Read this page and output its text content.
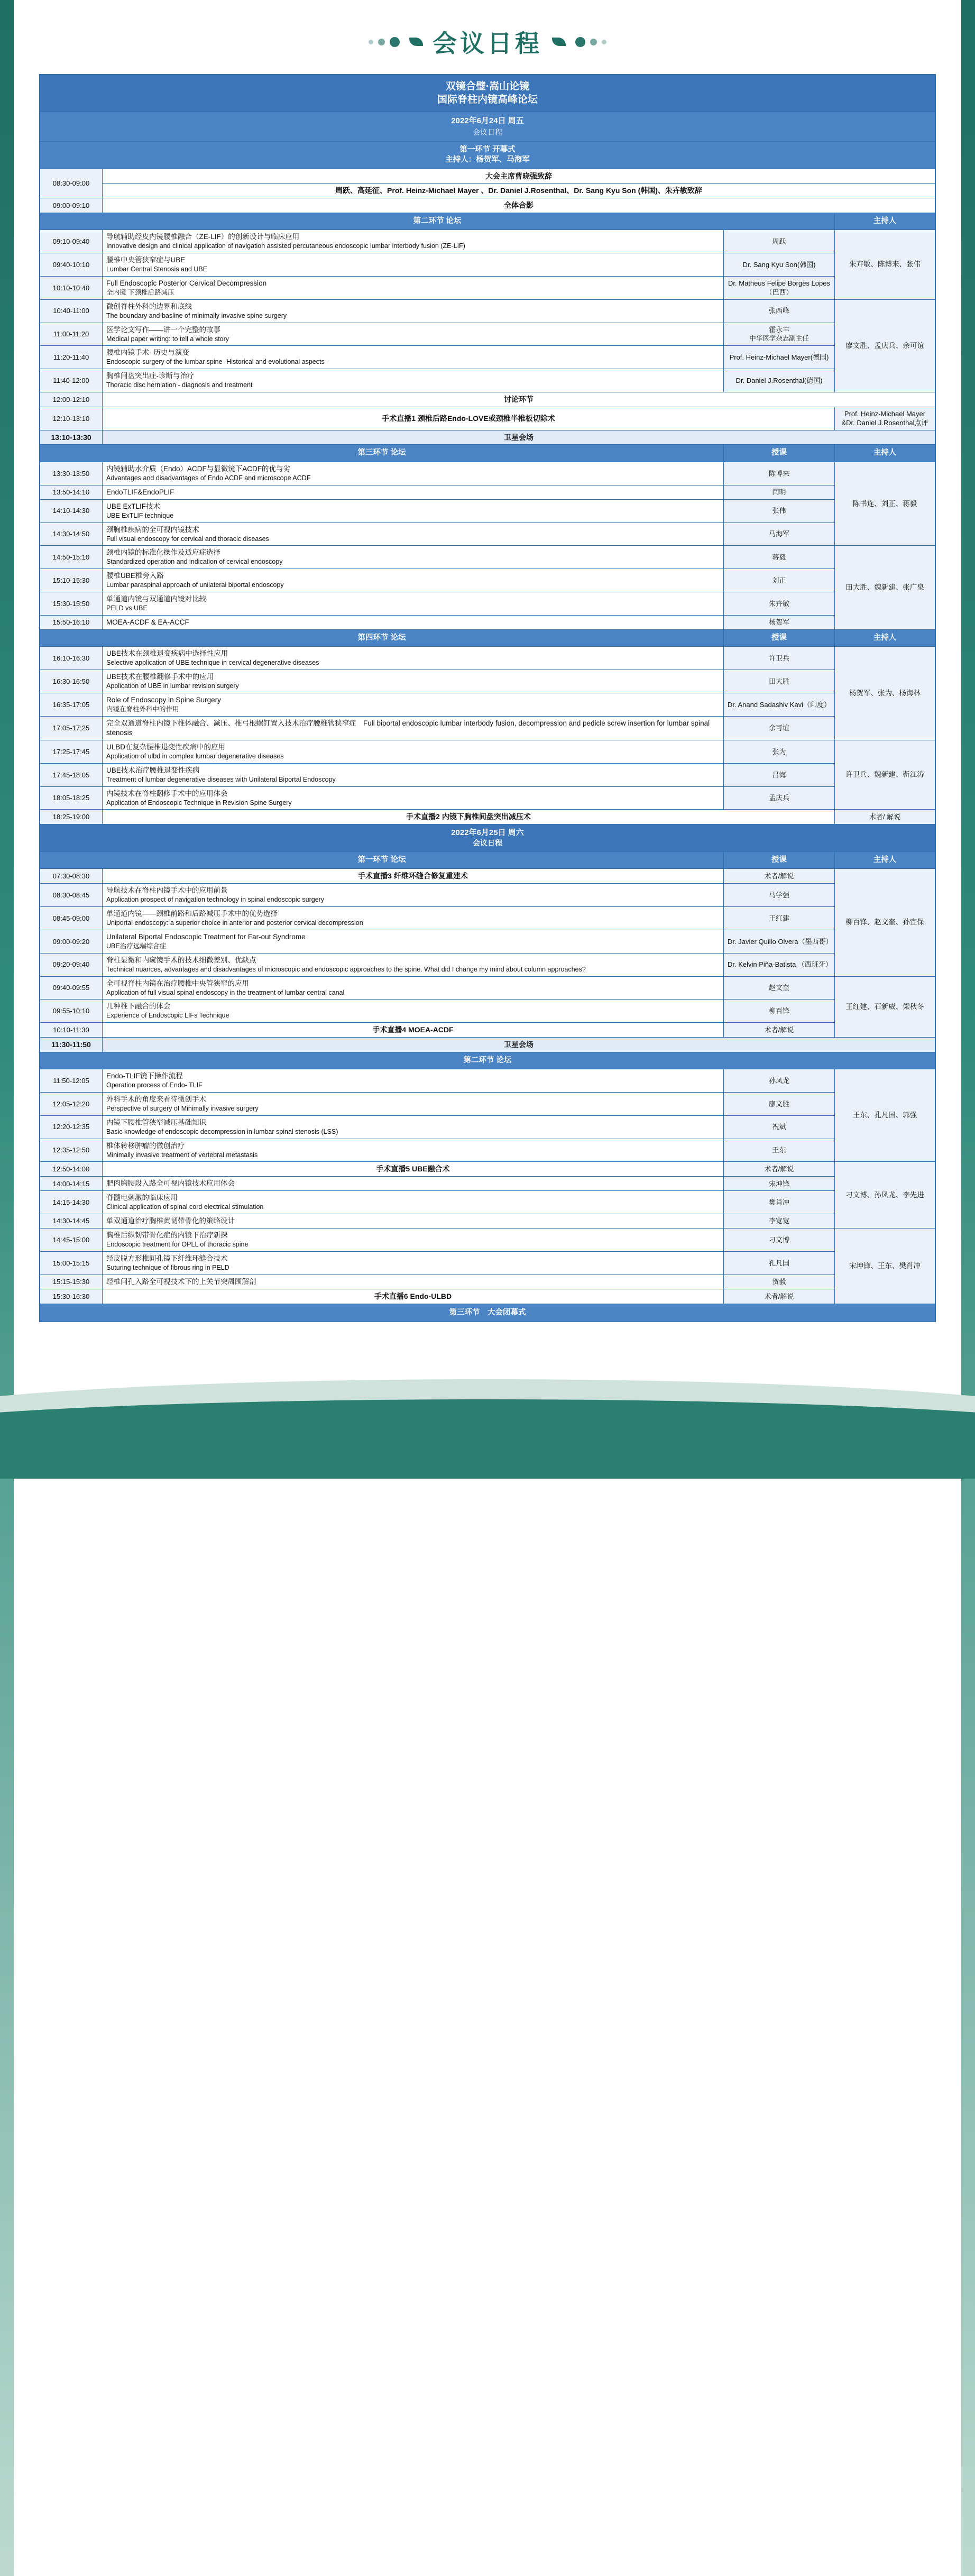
会议日程
双镜合璧·嵩山论镜
国际脊柱内镜高峰论坛			
2022年6月24日 周五
会议日程			

第一环节 开幕式
主持人：杨贺军、马海军			
08:30-09:00	大会主席曹晓强致辞		
	周跃、高延征、Prof. Heinz-Michael Mayer 、Dr. Daniel J.Rosenthal、Dr. Sang Kyu Son (韩国)、朱卉敏致辞		
09:00-09:10	全体合影		
第二环节 论坛			主持人
09:10-09:40	导航辅助经皮内镜腰椎融合（ZE-LIF）的创新设计与临床应用
Innovative design and clinical application of navigation assisted percutaneous endoscopic lumbar interbody fusion (ZE-LIF)	周跃	朱卉敏、陈博来、张伟
09:40-10:10	腰椎中央管狭窄症与UBE
Lumbar Central Stenosis and UBE	Dr. Sang Kyu Son(韩国)	
10:10-10:40	Full Endoscopic Posterior Cervical Decompression
全内镜 下颈椎后路减压	Dr. Matheus Felipe Borges Lopes（巴西）	
10:40-11:00	微创脊柱外科的边界和底线
The boundary and basline of minimally invasive spine surgery	张西峰	廖文胜、孟庆兵、余可谊
11:00-11:20	医学论文写作——讲一个完整的故事
Medical paper writing: to tell a whole story	霍永丰
中华医学杂志副主任	

11:20-11:40	腰椎内镜手术- 历史与演变
Endoscopic surgery of the lumbar spine- Historical and evolutional aspects -	Prof. Heinz-Michael Mayer(德国)	
11:40-12:00	胸椎间盘突出症-诊断与治疗
Thoracic disc herniation - diagnosis and treatment	Dr. Daniel J.Rosenthal(德国)	
12:00-12:10	讨论环节		
12:10-13:10	手术直播1 颈椎后路Endo-LOVE或颈椎半椎板切除术		Prof. Heinz-Michael Mayer &Dr. Daniel J.Rosenthal点评
13:10-13:30	卫星会场		
第三环节 论坛		授课	主持人
13:30-13:50	内镜辅助水介质（Endo）ACDF与显微镜下ACDF的优与劣
Advantages and disadvantages of Endo ACDF and microscope ACDF	陈博来	陈书连、刘正、蒋毅
13:50-14:10	EndoTLIF&EndoPLIF	闫明	
14:10-14:30	UBE ExTLIF技术
UBE ExTLIF technique	张伟	
14:30-14:50	颈胸椎疾病的全可视内镜技术
Full visual endoscopy for cervical and thoracic diseases	马海军	
14:50-15:10	颈椎内镜的标准化操作及适应症选择
Standardized operation and indication of cervical endoscopy	蒋毅	田大胜、魏新建、张广泉
15:10-15:30	腰椎UBE椎旁入路
Lumbar paraspinal approach of unilateral biportal endoscopy	刘正	
15:30-15:50	单通道内镜与双通道内镜对比较
PELD vs UBE	朱卉敏	
15:50-16:10	MOEA-ACDF & EA-ACCF	杨贺军	
第四环节 论坛		授课	主持人
16:10-16:30	UBE技术在颈椎退变疾病中选择性应用
Selective application of UBE technique in cervical degenerative diseases	许卫兵	杨贺军、张为、杨海林
16:30-16:50	UBE技术在腰椎翻修手术中的应用
Application of UBE in lumbar revision surgery	田大胜	
16:35-17:05	Role of Endoscopy in Spine Surgery
内镜在脊柱外科中的作用	Dr. Anand Sadashiv Kavi（印度）	
17:05-17:25	完全双通道脊柱内镜下椎体融合、减压、椎弓根螺钉置入技术治疗腰椎管狭窄症　Full biportal endoscopic lumbar interbody fusion, decompression and pedicle screw insertion for lumbar spinal stenosis	余可谊	
17:25-17:45	ULBD在复杂腰椎退变性疾病中的应用
Application of ulbd in complex lumbar degenerative diseases	张为	许卫兵、魏新建、靳江涛
17:45-18:05	UBE技术治疗腰椎退变性疾病
Treatment of lumbar degenerative diseases with Unilateral Biportal Endoscopy	吕海	
18:05-18:25	内镜技术在脊柱翻修手术中的应用体会
Application of Endoscopic Technique in Revision Spine Surgery	孟庆兵	
18:25-19:00	手术直播2 内镜下胸椎间盘突出减压术		术者/ 解说
2022年6月25日 周六
会议日程			

第一环节 论坛		授课	主持人
07:30-08:30	手术直播3 纤维环缝合修复重建术	术者/解说	柳百锋、赵文奎、孙宜保
08:30-08:45	导航技术在脊柱内镜手术中的应用前景
Application prospect of navigation technology in spinal endoscopic surgery	马学强	
08:45-09:00	单通道内镜——颈椎前路和后路减压手术中的优势选择
Uniportal endoscopy: a superior choice in anterior and posterior cervical decompression	王红建	
09:00-09:20	Unilateral Biportal Endoscopic Treatment for Far-out Syndrome
UBE治疗远端综合症	Dr. Javier Quillo Olvera（墨西哥）	
09:20-09:40	脊柱显微和内窥镜手术的技术细微差别、优缺点
Technical nuances, advantages and disadvantages of microscopic and endoscopic approaches to the spine. What did I change my mind about column approaches?	Dr. Kelvin Piña-Batista （西班牙）	
09:40-09:55	全可视脊柱内镜在治疗腰椎中央管狭窄的应用
Application of full visual spinal endoscopy in the treatment of lumbar central canal	赵文奎	王红建、石新威、梁秋冬
09:55-10:10	几种椎下融合的体会
Experience of Endoscopic LIFs Technique	柳百锋	
10:10-11:30	手术直播4 MOEA-ACDF	术者/解说	
11:30-11:50	卫星会场		
第二环节 论坛			
11:50-12:05	Endo-TLIF镜下操作流程
Operation process of Endo- TLIF	孙凤龙	王东、孔凡国、郭强
12:05-12:20	外科手术的角度来看待微创手术
Perspective of surgery of Minimally invasive surgery	廖文胜	
12:20-12:35	内镜下腰椎管狭窄减压基础知识
Basic knowledge of endoscopic decompression in lumbar spinal stenosis (LSS)	祝斌	
12:35-12:50	椎体转移肿瘤的微创治疗
Minimally invasive treatment of vertebral metastasis	王东	
12:50-14:00	手术直播5 UBE融合术	术者/解说	刁文博、孙凤龙、李先进
14:00-14:15	肥肉胸腰段入路全可视内镜技术应用体会	宋坤锋	
14:15-14:30	脊髓电刺激的临床应用
Clinical application of spinal cord electrical stimulation	樊肖冲	
14:30-14:45	单双通道治疗胸椎黄韧带骨化的策略设计	李宽宽	
14:45-15:00	胸椎后纵韧带骨化症的内镜下治疗新探
Endoscopic treatment for OPLL of thoracic spine	刁文博	宋坤锋、王东、樊肖冲
15:00-15:15	经皮脱方形椎间孔镜下纤维环缝合技术
Suturing technique of fibrous ring in PELD	孔凡国	
15:15-15:30	经椎间孔入路全可视技术下的上关节突周围解剖	贺毅	
15:30-16:30	手术直播6 Endo-ULBD	术者/解说	
第三环节　大会闭幕式			
